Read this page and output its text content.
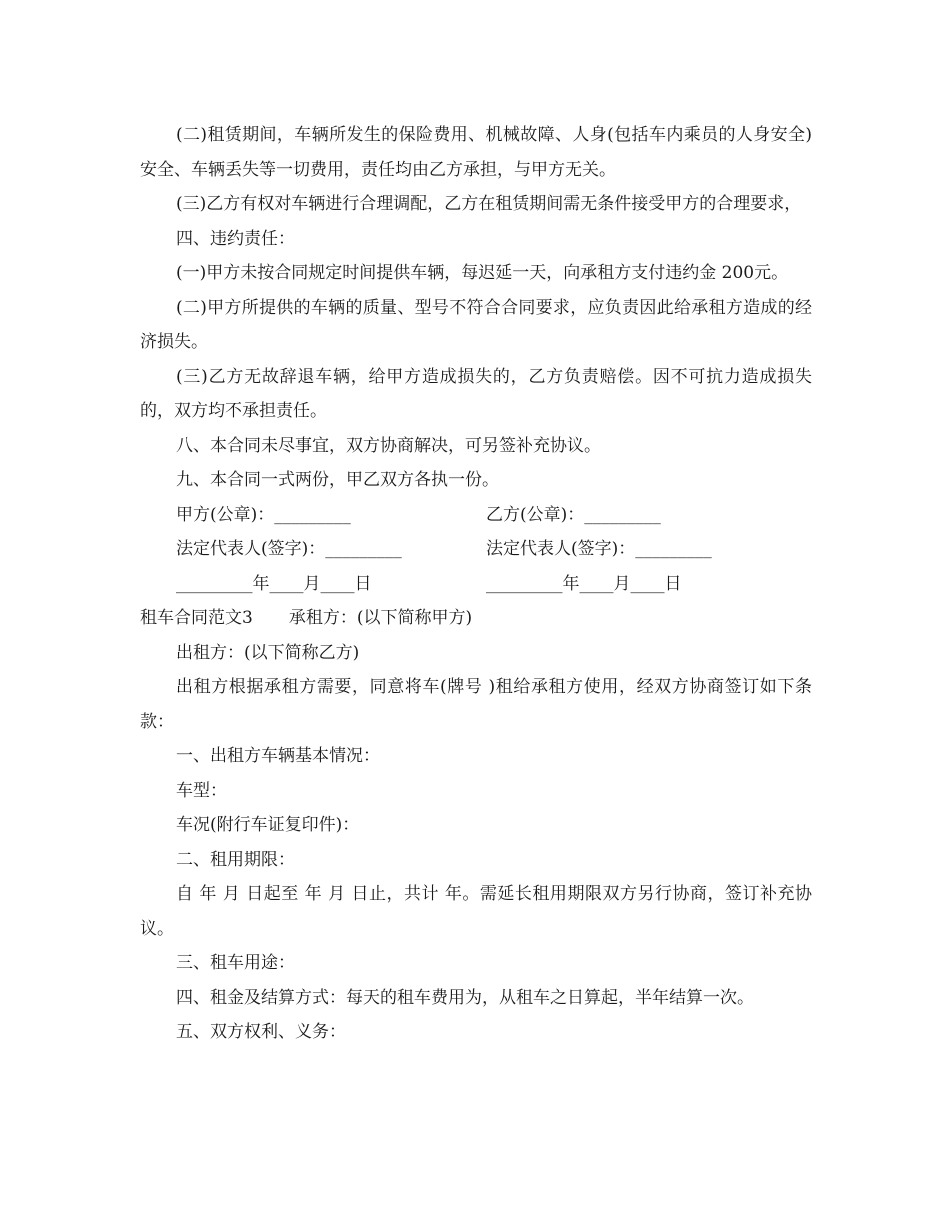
(二)租赁期间，车辆所发生的保险费用、机械故障、人身(包括车内乘员的人身安全)安全、车辆丢失等一切费用，责任均由乙方承担，与甲方无关。

(三)乙方有权对车辆进行合理调配，乙方在租赁期间需无条件接受甲方的合理要求，

四、违约责任：

(一)甲方未按合同规定时间提供车辆，每迟延一天，向承租方支付违约金 200元。

(二)甲方所提供的车辆的质量、型号不符合合同要求，应负责因此给承租方造成的经济损失。

(三)乙方无故辞退车辆，给甲方造成损失的，乙方负责赔偿。因不可抗力造成损失的，双方均不承担责任。

八、本合同未尽事宜，双方协商解决，可另签补充协议。

九、本合同一式两份，甲乙双方各执一份。

甲方(公章)：_________	乙方(公章)：_________
法定代表人(签字)：_________	法定代表人(签字)：_________
_________年____月____日	_________年____月____日
租车合同范文3 承租方：(以下简称甲方)

出租方：(以下简称乙方)

出租方根据承租方需要，同意将车(牌号 )租给承租方使用，经双方协商签订如下条款：

一、出租方车辆基本情况：

车型：

车况(附行车证复印件)：

二、租用期限：

自 年 月 日起至 年 月 日止，共计 年。需延长租用期限双方另行协商，签订补充协议。

三、租车用途：

四、租金及结算方式：每天的租车费用为，从租车之日算起，半年结算一次。

五、双方权利、义务：
